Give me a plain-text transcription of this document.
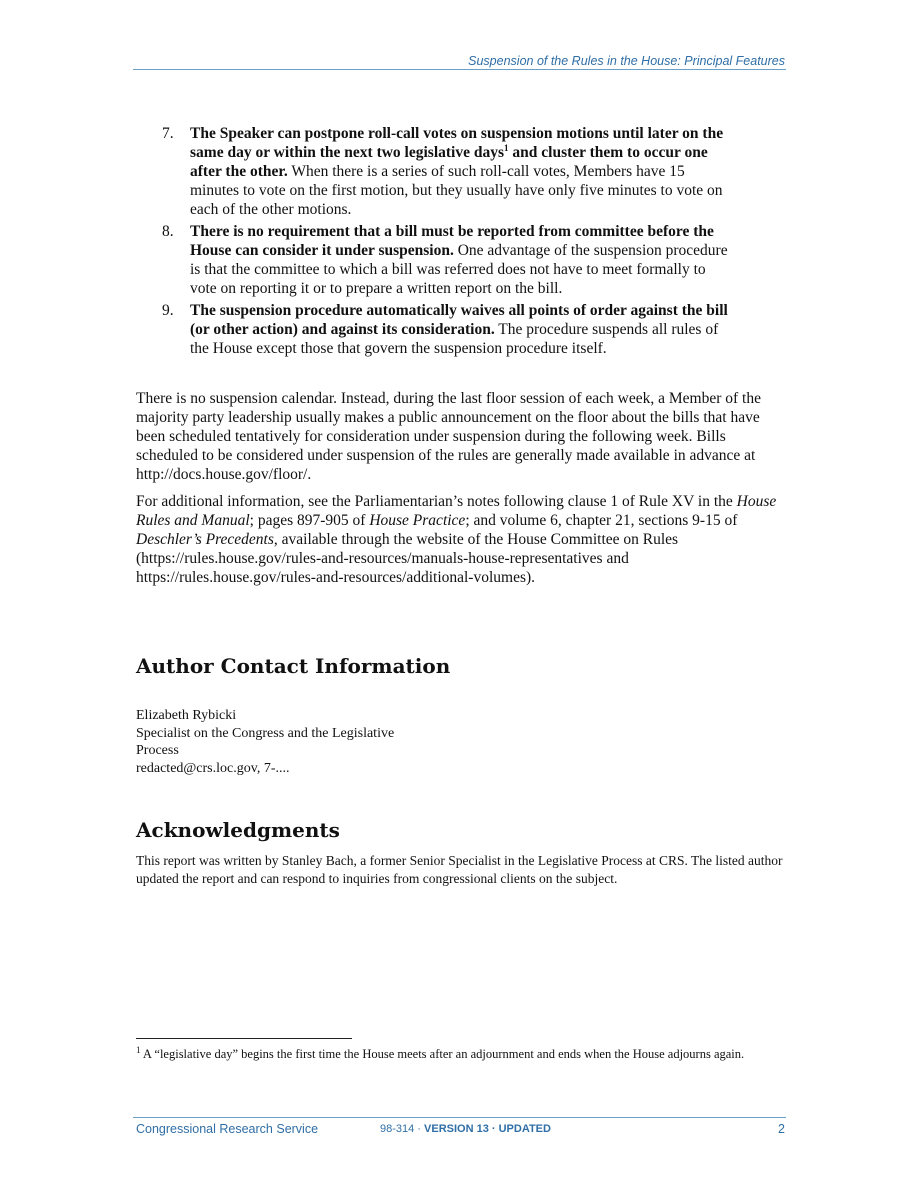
Suspension of the Rules in the House: Principal Features
7. The Speaker can postpone roll-call votes on suspension motions until later on the same day or within the next two legislative days$^1$ and cluster them to occur one after the other. When there is a series of such roll-call votes, Members have 15 minutes to vote on the first motion, but they usually have only five minutes to vote on each of the other motions.
8. There is no requirement that a bill must be reported from committee before the House can consider it under suspension. One advantage of the suspension procedure is that the committee to which a bill was referred does not have to meet formally to vote on reporting it or to prepare a written report on the bill.
9. The suspension procedure automatically waives all points of order against the bill (or other action) and against its consideration. The procedure suspends all rules of the House except those that govern the suspension procedure itself.

There is no suspension calendar. Instead, during the last floor session of each week, a Member of the majority party leadership usually makes a public announcement on the floor about the bills that have been scheduled tentatively for consideration under suspension during the following week. Bills scheduled to be considered under suspension of the rules are generally made available in advance at http://docs.house.gov/floor/.

For additional information, see the Parliamentarian’s notes following clause 1 of Rule XV in the House Rules and Manual; pages 897-905 of House Practice; and volume 6, chapter 21, sections 9-15 of Deschler’s Precedents, available through the website of the House Committee on Rules (https://rules.house.gov/rules-and-resources/manuals-house-representatives and https://rules.house.gov/rules-and-resources/additional-volumes).

Author Contact Information
Elizabeth Rybicki
Specialist on the Congress and the Legislative Process
redacted@crs.loc.gov, 7-....
Acknowledgments
This report was written by Stanley Bach, a former Senior Specialist in the Legislative Process at CRS. The listed author updated the report and can respond to inquiries from congressional clients on the subject.
$^1$ A “legislative day” begins the first time the House meets after an adjournment and ends when the House adjourns again.
Congressional Research Service	98-314 · VERSION 13 · UPDATED	2
